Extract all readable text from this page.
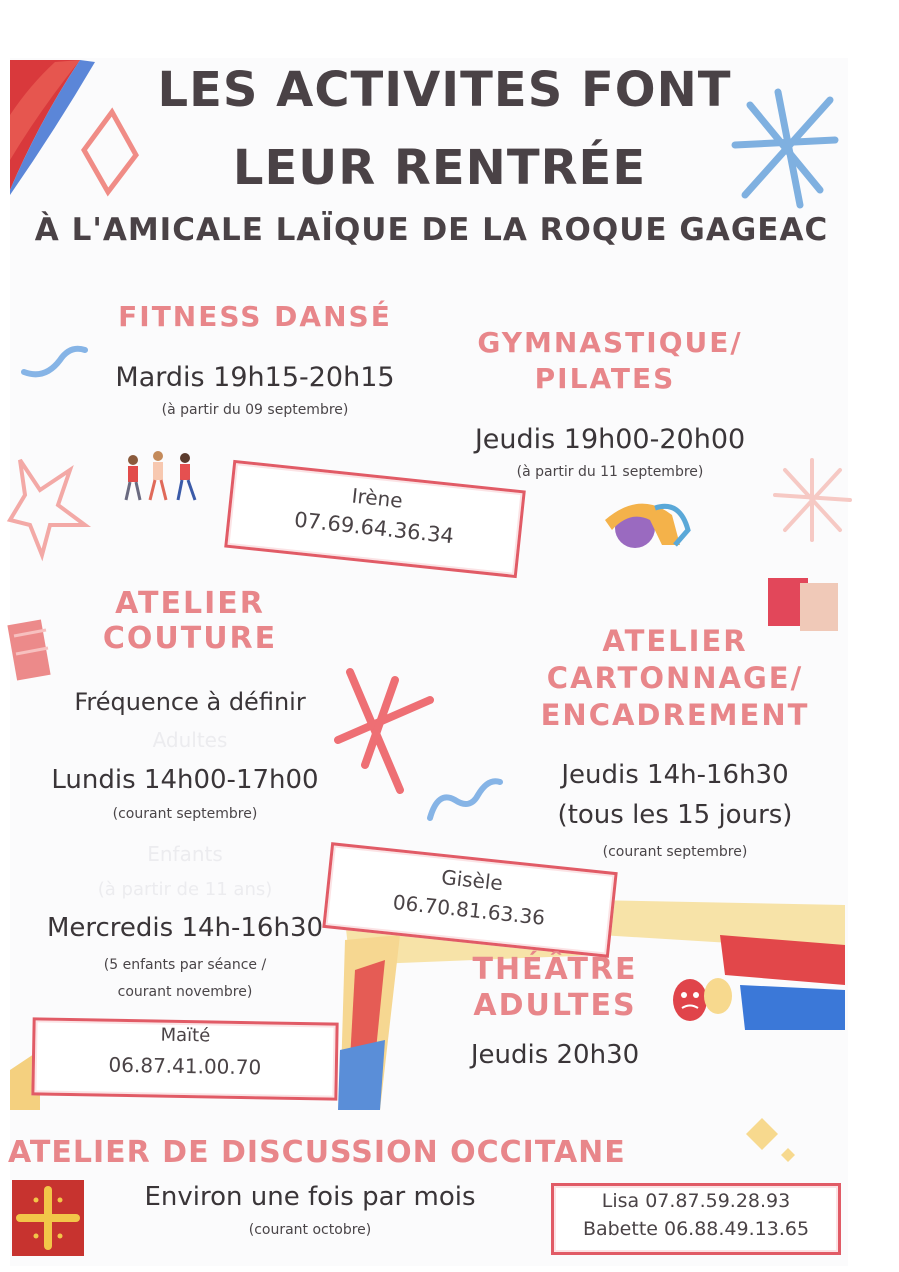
LES ACTIVITES FONT
LEUR RENTRÉE
À L'AMICALE LAÏQUE DE LA ROQUE GAGEAC
FITNESS DANSÉ
Mardis 19h15-20h15
(à partir du 09 septembre)
GYMNASTIQUE/
PILATES
Jeudis 19h00-20h00
(à partir du 11 septembre)
Irène
07.69.64.36.34
ATELIER
COUTURE
Fréquence à définir
Adultes
Lundis 14h00-17h00
(courant septembre)
Enfants
(à partir de 11 ans)
Mercredis 14h-16h30
(5 enfants par séance /
courant novembre)
ATELIER
CARTONNAGE/
ENCADREMENT
Jeudis 14h-16h30
(tous les 15 jours)
(courant septembre)
Gisèle
06.70.81.63.36
THÉÂTRE
ADULTES
Jeudis 20h30
Maïté
06.87.41.00.70
ATELIER DE DISCUSSION OCCITANE
Environ une fois par mois
(courant octobre)
Lisa 07.87.59.28.93
Babette 06.88.49.13.65
